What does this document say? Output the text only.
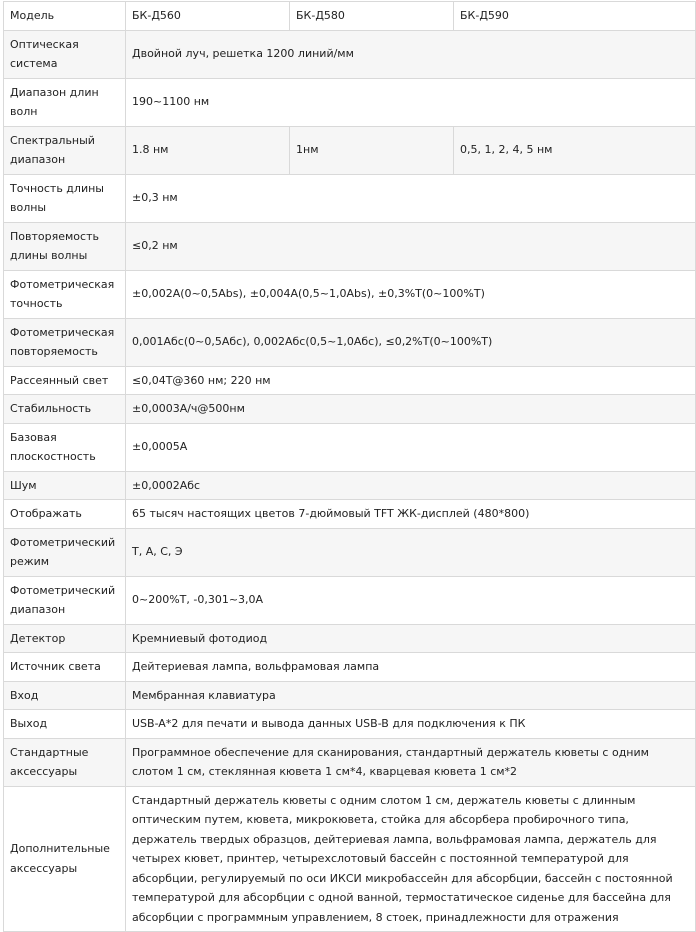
Модель	БК-Д560	БК-Д580	БК-Д590
Оптическая система	Двойной луч, решетка 1200 линий/мм		
Диапазон длин волн	190~1100 нм		
Спектральный диапазон	1.8 нм	1нм	0,5, 1, 2, 4, 5 нм
Точность длины волны	±0,3 нм		
Повторяемость длины волны	≤0,2 нм		
Фотометрическая точность	±0,002A(0~0,5Abs), ±0,004A(0,5~1,0Abs), ±0,3%T(0~100%T)		
Фотометрическая повторяемость	0,001Абс(0~0,5Абс), 0,002Абс(0,5~1,0Абс), ≤0,2%T(0~100%T)		
Рассеянный свет	≤0,04T@360 нм; 220 нм		
Стабильность	±0,0003A/ч@500нм		
Базовая плоскостность	±0,0005A		
Шум	±0,0002Абс		
Отображать	65 тысяч настоящих цветов 7-дюймовый TFT ЖК-дисплей (480*800)		
Фотометрический режим	T, A, C, Э		
Фотометрический диапазон	0~200%T, -0,301~3,0A		
Детектор	Кремниевый фотодиод		
Источник света	Дейтериевая лампа, вольфрамовая лампа		
Вход	Мембранная клавиатура		
Выход	USB-A*2 для печати и вывода данных USB-B для подключения к ПК		
Стандартные аксессуары	Программное обеспечение для сканирования, стандартный держатель кюветы с одним слотом 1 см, стеклянная кювета 1 см*4, кварцевая кювета 1 см*2		
Дополнительные аксессуары	Стандартный держатель кюветы с одним слотом 1 см, держатель кюветы с длинным оптическим путем, кювета, микрокювета, стойка для абсорбера пробирочного типа, держатель твердых образцов, дейтериевая лампа, вольфрамовая лампа, держатель для четырех кювет, принтер, четырехслотовый бассейн с постоянной температурой для абсорбции, регулируемый по оси ИКСИ микробассейн для абсорбции, бассейн с постоянной температурой для абсорбции с одной ванной, термостатическое сиденье для бассейна для абсорбции с программным управлением, 8 стоек, принадлежности для отражения		
